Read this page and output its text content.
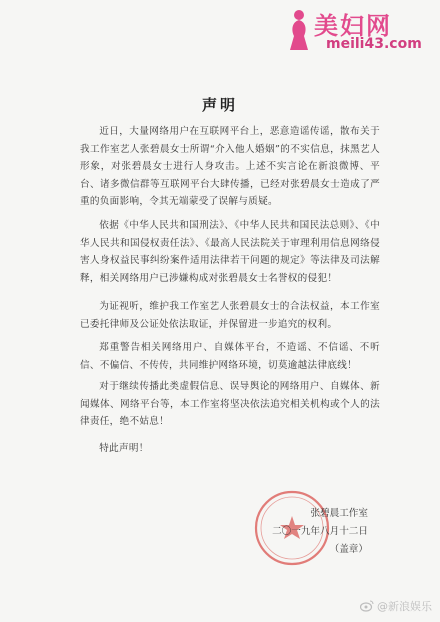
美妇网
meili43.com
声明
近日，大量网络用户在互联网平台上，恶意造谣传谣，散布关于我工作室艺人张碧晨女士所谓“介入他人婚姻”的不实信息，抹黑艺人形象，对张碧晨女士进行人身攻击。上述不实言论在新浪微博、平台、诸多微信群等互联网平台大肆传播，已经对张碧晨女士造成了严重的负面影响，令其无端蒙受了误解与质疑。
依据《中华人民共和国刑法》、《中华人民共和国民法总则》、《中华人民共和国侵权责任法》、《最高人民法院关于审理利用信息网络侵害人身权益民事纠纷案件适用法律若干问题的规定》等法律及司法解释，相关网络用户已涉嫌构成对张碧晨女士名誉权的侵犯！
为证视听，维护我工作室艺人张碧晨女士的合法权益，本工作室已委托律师及公证处依法取证，并保留进一步追究的权利。
郑重警告相关网络用户、自媒体平台，不造谣、不信谣、不听信、不偏信、不传传，共同维护网络环境，切莫逾越法律底线！
对于继续传播此类虚假信息、误导舆论的网络用户、自媒体、新闻媒体、网络平台等，本工作室将坚决依法追究相关机构或个人的法律责任，绝不姑息！
特此声明！
张碧晨工作室
二〇一九年八月十二日
（盖章）
@新浪娱乐
